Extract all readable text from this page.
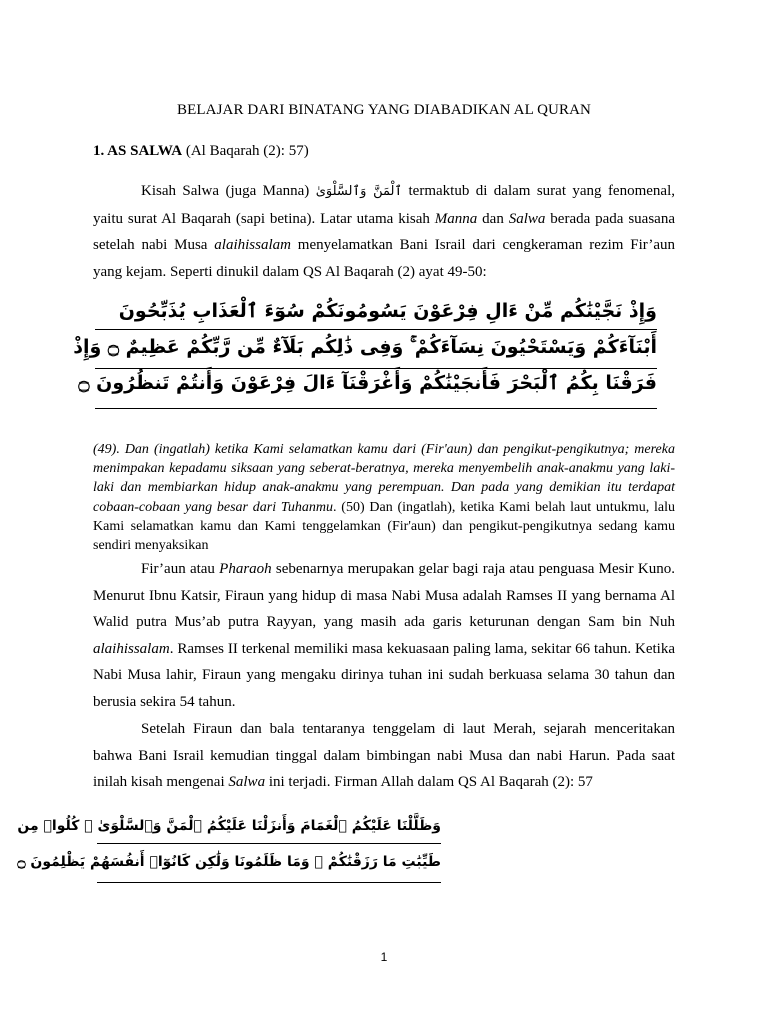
BELAJAR DARI BINATANG YANG DIABADIKAN AL QURAN
1. AS SALWA (Al Baqarah (2): 57)
Kisah Salwa (juga Manna) ٱلْمَنَّ وَٱلسَّلْوَىٰ termaktub di dalam surat yang fenomenal, yaitu surat Al Baqarah (sapi betina). Latar utama kisah Manna dan Salwa berada pada suasana setelah nabi Musa alaihissalam menyelamatkan Bani Israil dari cengkeraman rezim Fir’aun yang kejam. Seperti dinukil dalam QS Al Baqarah (2) ayat 49-50:
وَإِذْ نَجَّيْنَٰكُم مِّنْ ءَالِ فِرْعَوْنَ يَسُومُونَكُمْ سُوٓءَ ٱلْعَذَابِ يُذَبِّحُونَ
أَبْنَآءَكُمْ وَيَسْتَحْيُونَ نِسَآءَكُمْ ۚ وَفِى ذَٰلِكُم بَلَآءٌ مِّن رَّبِّكُمْ عَظِيمٌ ۝ وَإِذْ
فَرَقْنَا بِكُمُ ٱلْبَحْرَ فَأَنجَيْنَٰكُمْ وَأَغْرَقْنَآ ءَالَ فِرْعَوْنَ وَأَنتُمْ تَنظُرُونَ ۝
(49). Dan (ingatlah) ketika Kami selamatkan kamu dari (Fir'aun) dan pengikut-pengikutnya; mereka menimpakan kepadamu siksaan yang seberat-beratnya, mereka menyembelih anak-anakmu yang laki-laki dan membiarkan hidup anak-anakmu yang perempuan. Dan pada yang demikian itu terdapat cobaan-cobaan yang besar dari Tuhanmu. (50) Dan (ingatlah), ketika Kami belah laut untukmu, lalu Kami selamatkan kamu dan Kami tenggelamkan (Fir'aun) dan pengikut-pengikutnya sedang kamu sendiri menyaksikan
Fir’aun atau Pharaoh sebenarnya merupakan gelar bagi raja atau penguasa Mesir Kuno. Menurut Ibnu Katsir, Firaun yang hidup di masa Nabi Musa adalah Ramses II yang bernama Al Walid putra Mus’ab putra Rayyan, yang masih ada garis keturunan dengan Sam bin Nuh alaihissalam. Ramses II terkenal memiliki masa kekuasaan paling lama, sekitar 66 tahun. Ketika Nabi Musa lahir, Firaun yang mengaku dirinya tuhan ini sudah berkuasa selama 30 tahun dan berusia sekira 54 tahun.
Setelah Firaun dan bala tentaranya tenggelam di laut Merah, sejarah menceritakan bahwa Bani Israil kemudian tinggal dalam bimbingan nabi Musa dan nabi Harun. Pada saat inilah kisah mengenai Salwa ini terjadi. Firman Allah dalam QS Al Baqarah (2): 57
وَظَلَّلْنَا عَلَيْكُمُ ٱلْغَمَامَ وَأَنزَلْنَا عَلَيْكُمُ ٱلْمَنَّ وَٱلسَّلْوَىٰ ۖ كُلُوا۟ مِن
طَيِّبَٰتِ مَا رَزَقْنَٰكُمْ ۖ وَمَا ظَلَمُونَا وَلَٰكِن كَانُوٓا۟ أَنفُسَهُمْ يَظْلِمُونَ ۝
1
